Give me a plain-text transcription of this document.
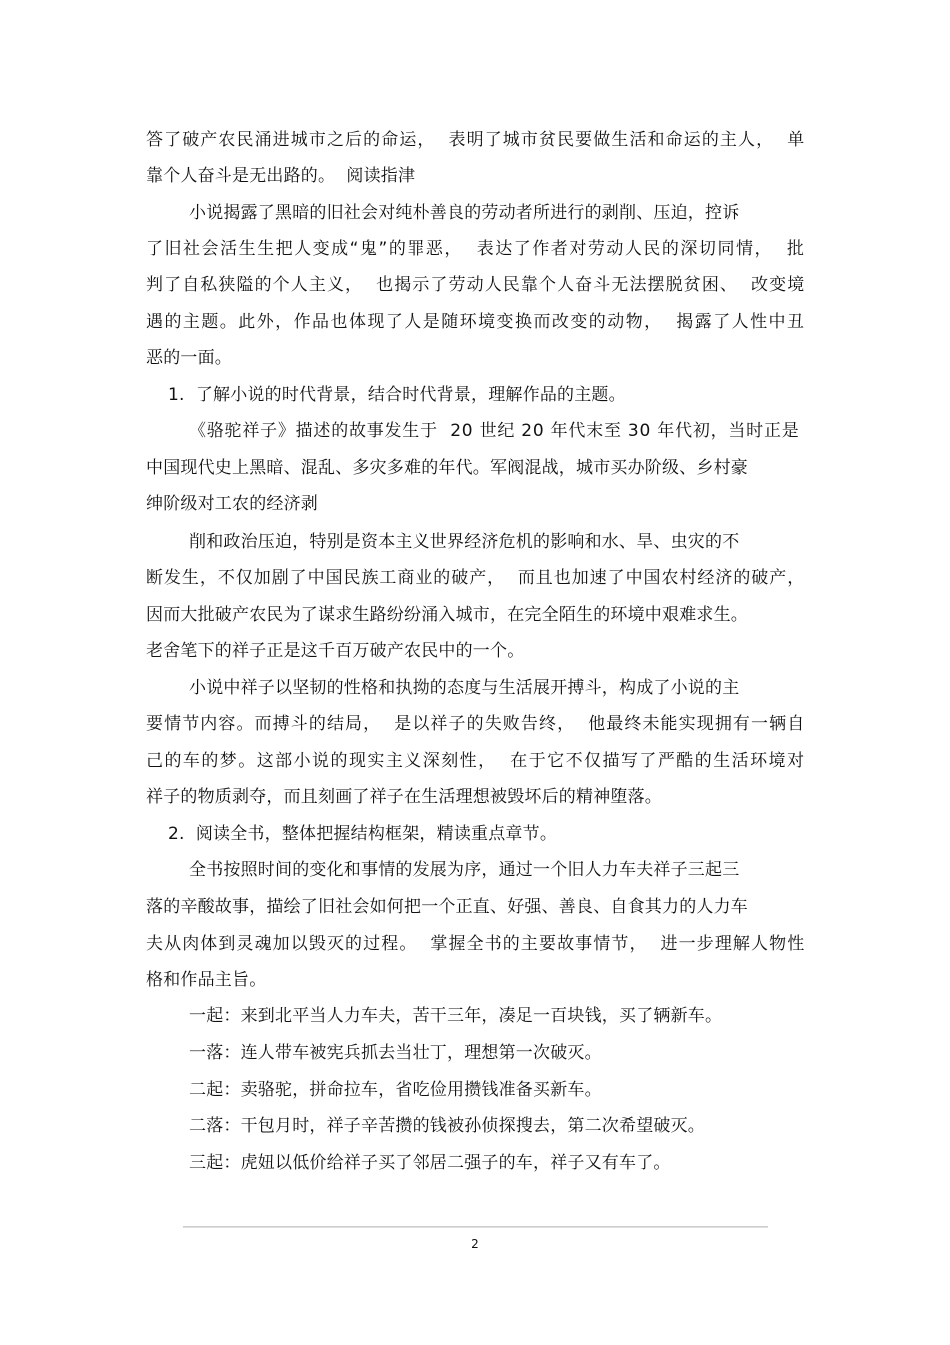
答了破产农民涌进城市之后的命运，  表明了城市贫民要做生活和命运的主人，  单
靠个人奋斗是无出路的。  阅读指津
小说揭露了黑暗的旧社会对纯朴善良的劳动者所进行的剥削、压迫，控诉
了旧社会活生生把人变成“鬼”的罪恶，  表达了作者对劳动人民的深切同情，  批
判了自私狭隘的个人主义，  也揭示了劳动人民靠个人奋斗无法摆脱贫困、  改变境
遇的主题。此外，作品也体现了人是随环境变换而改变的动物，  揭露了人性中丑
恶的一面。
1.  了解小说的时代背景，结合时代背景，理解作品的主题。
《骆驼祥子》描述的故事发生于  20 世纪 20 年代末至 30 年代初，当时正是
中国现代史上黑暗、混乱、多灾多难的年代。军阀混战，城市买办阶级、乡村豪
绅阶级对工农的经济剥
削和政治压迫，特别是资本主义世界经济危机的影响和水、旱、虫灾的不
断发生，不仅加剧了中国民族工商业的破产，  而且也加速了中国农村经济的破产，
因而大批破产农民为了谋求生路纷纷涌入城市，在完全陌生的环境中艰难求生。
老舍笔下的祥子正是这千百万破产农民中的一个。
小说中祥子以坚韧的性格和执拗的态度与生活展开搏斗，构成了小说的主
要情节内容。而搏斗的结局，  是以祥子的失败告终，  他最终未能实现拥有一辆自
己的车的梦。这部小说的现实主义深刻性，  在于它不仅描写了严酷的生活环境对
祥子的物质剥夺，而且刻画了祥子在生活理想被毁坏后的精神堕落。
2.  阅读全书，整体把握结构框架，精读重点章节。
全书按照时间的变化和事情的发展为序，通过一个旧人力车夫祥子三起三
落的辛酸故事，描绘了旧社会如何把一个正直、好强、善良、自食其力的人力车
夫从肉体到灵魂加以毁灭的过程。  掌握全书的主要故事情节，  进一步理解人物性
格和作品主旨。
一起：来到北平当人力车夫，苦干三年，凑足一百块钱，买了辆新车。
一落：连人带车被宪兵抓去当壮丁，理想第一次破灭。
二起：卖骆驼，拼命拉车，省吃俭用攒钱准备买新车。
二落：干包月时，祥子辛苦攒的钱被孙侦探搜去，第二次希望破灭。
三起：虎妞以低价给祥子买了邻居二强子的车，祥子又有车了。
2
